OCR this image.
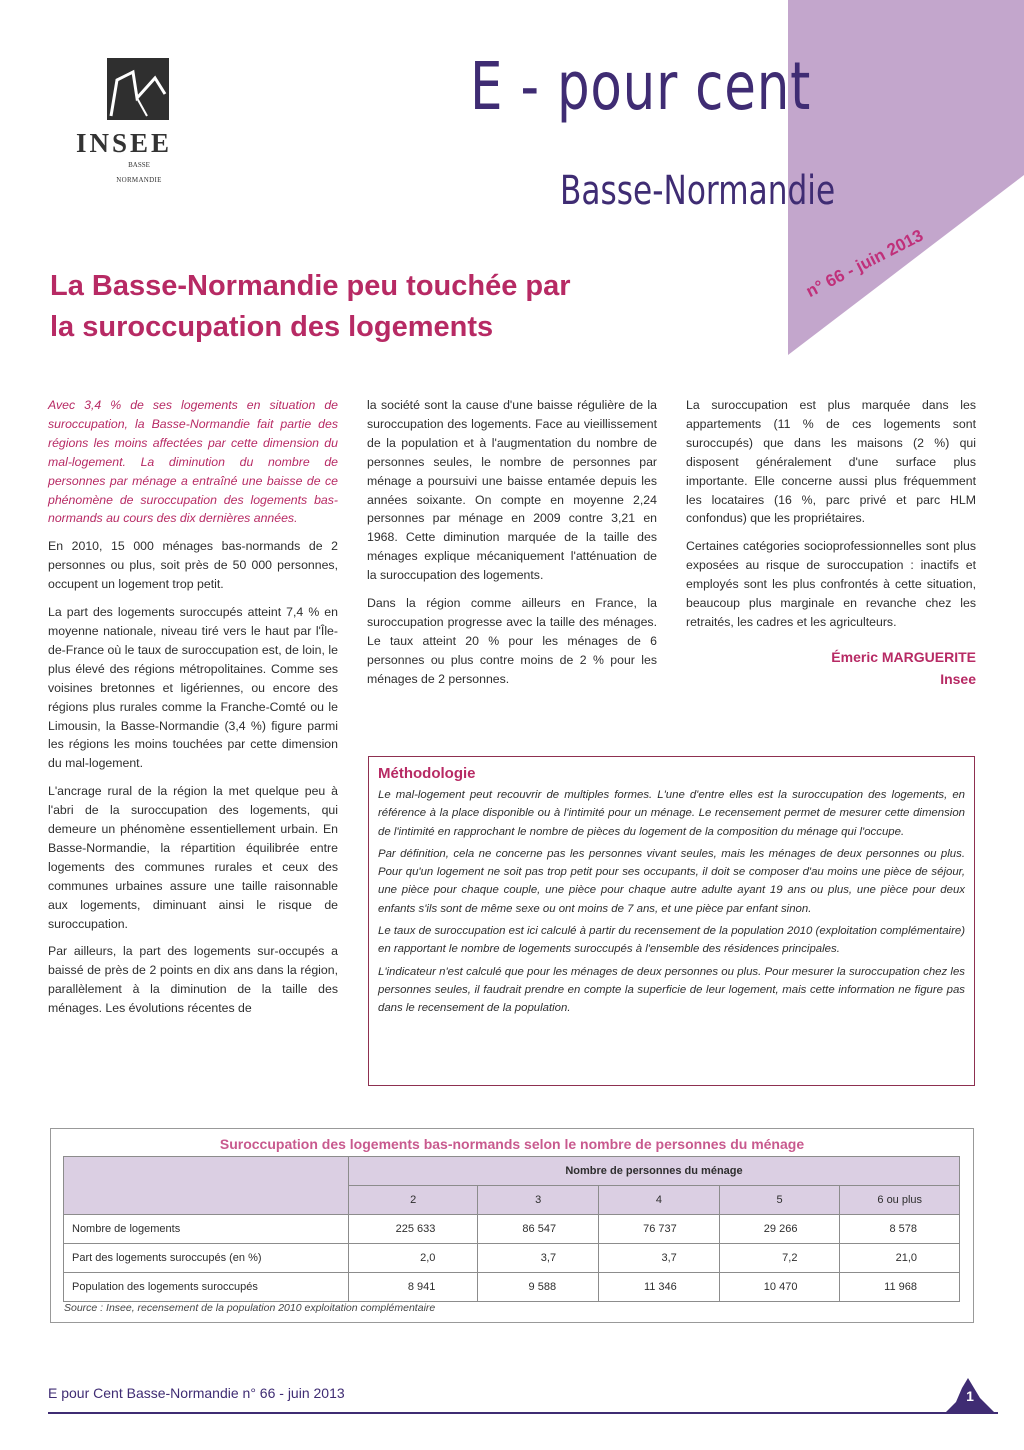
INSEE
BASSE
NORMANDIE
E - pour cent
Basse-Normandie
n° 66 - juin 2013
La Basse-Normandie peu touchée par
la suroccupation des logements

Avec 3,4 % de ses logements en situation de suroccupation, la Basse-Normandie fait partie des régions les moins affectées par cette dimension du mal-logement. La diminution du nombre de personnes par ménage a entraîné une baisse de ce phénomène de suroccupation des logements bas-normands au cours des dix dernières années.

En 2010, 15 000 ménages bas-normands de 2 personnes ou plus, soit près de 50 000 personnes, occupent un logement trop petit.

La part des logements suroccupés atteint 7,4 % en moyenne nationale, niveau tiré vers le haut par l'Île-de-France où le taux de suroccupation est, de loin, le plus élevé des régions métropolitaines. Comme ses voisines bretonnes et ligériennes, ou encore des régions plus rurales comme la Franche-Comté ou le Limousin, la Basse-Normandie (3,4 %) figure parmi les régions les moins touchées par cette dimension du mal-logement.

L'ancrage rural de la région la met quelque peu à l'abri de la suroccupation des logements, qui demeure un phénomène essentiellement urbain. En Basse-Normandie, la répartition équilibrée entre logements des communes rurales et ceux des communes urbaines assure une taille raisonnable aux logements, diminuant ainsi le risque de suroccupation.

Par ailleurs, la part des logements sur-occupés a baissé de près de 2 points en dix ans dans la région, parallèlement à la diminution de la taille des ménages. Les évolutions récentes de

la société sont la cause d'une baisse régulière de la suroccupation des logements. Face au vieillissement de la population et à l'augmentation du nombre de personnes seules, le nombre de personnes par ménage a poursuivi une baisse entamée depuis les années soixante. On compte en moyenne 2,24 personnes par ménage en 2009 contre 3,21 en 1968. Cette diminution marquée de la taille des ménages explique mécaniquement l'atténuation de la suroccupation des logements.

Dans la région comme ailleurs en France, la suroccupation progresse avec la taille des ménages. Le taux atteint 20 % pour les ménages de 6 personnes ou plus contre moins de 2 % pour les ménages de 2 personnes.

La suroccupation est plus marquée dans les appartements (11 % de ces logements sont suroccupés) que dans les maisons (2 %) qui disposent généralement d'une surface plus importante. Elle concerne aussi plus fréquemment les locataires (16 %, parc privé et parc HLM confondus) que les propriétaires.

Certaines catégories socioprofessionnelles sont plus exposées au risque de suroccupation : inactifs et employés sont les plus confrontés à cette situation, beaucoup plus marginale en revanche chez les retraités, les cadres et les agriculteurs.

Émeric MARGUERITE
Insee
Méthodologie

Le mal-logement peut recouvrir de multiples formes. L'une d'entre elles est la suroccupation des logements, en référence à la place disponible ou à l'intimité pour un ménage. Le recensement permet de mesurer cette dimension de l'intimité en rapprochant le nombre de pièces du logement de la composition du ménage qui l'occupe.

Par définition, cela ne concerne pas les personnes vivant seules, mais les ménages de deux personnes ou plus. Pour qu'un logement ne soit pas trop petit pour ses occupants, il doit se composer d'au moins une pièce de séjour, une pièce pour chaque couple, une pièce pour chaque autre adulte ayant 19 ans ou plus, une pièce pour deux enfants s'ils sont de même sexe ou ont moins de 7 ans, et une pièce par enfant sinon.

Le taux de suroccupation est ici calculé à partir du recensement de la population 2010 (exploitation complémentaire) en rapportant le nombre de logements suroccupés à l'ensemble des résidences principales.

L'indicateur n'est calculé que pour les ménages de deux personnes ou plus. Pour mesurer la suroccupation chez les personnes seules, il faudrait prendre en compte la superficie de leur logement, mais cette information ne figure pas dans le recensement de la population.

Suroccupation des logements bas-normands selon le nombre de personnes du ménage
	Nombre de personnes du ménage				
	2	3	4	5	6 ou plus
Nombre de logements	225 633	86 547	76 737	29 266	8 578
Part des logements suroccupés (en %)	2,0	3,7	3,7	7,2	21,0
Population des logements suroccupés	8 941	9 588	11 346	10 470	11 968
Source : Insee, recensement de la population 2010 exploitation complémentaire
E pour Cent Basse-Normandie n° 66 - juin 2013	1
